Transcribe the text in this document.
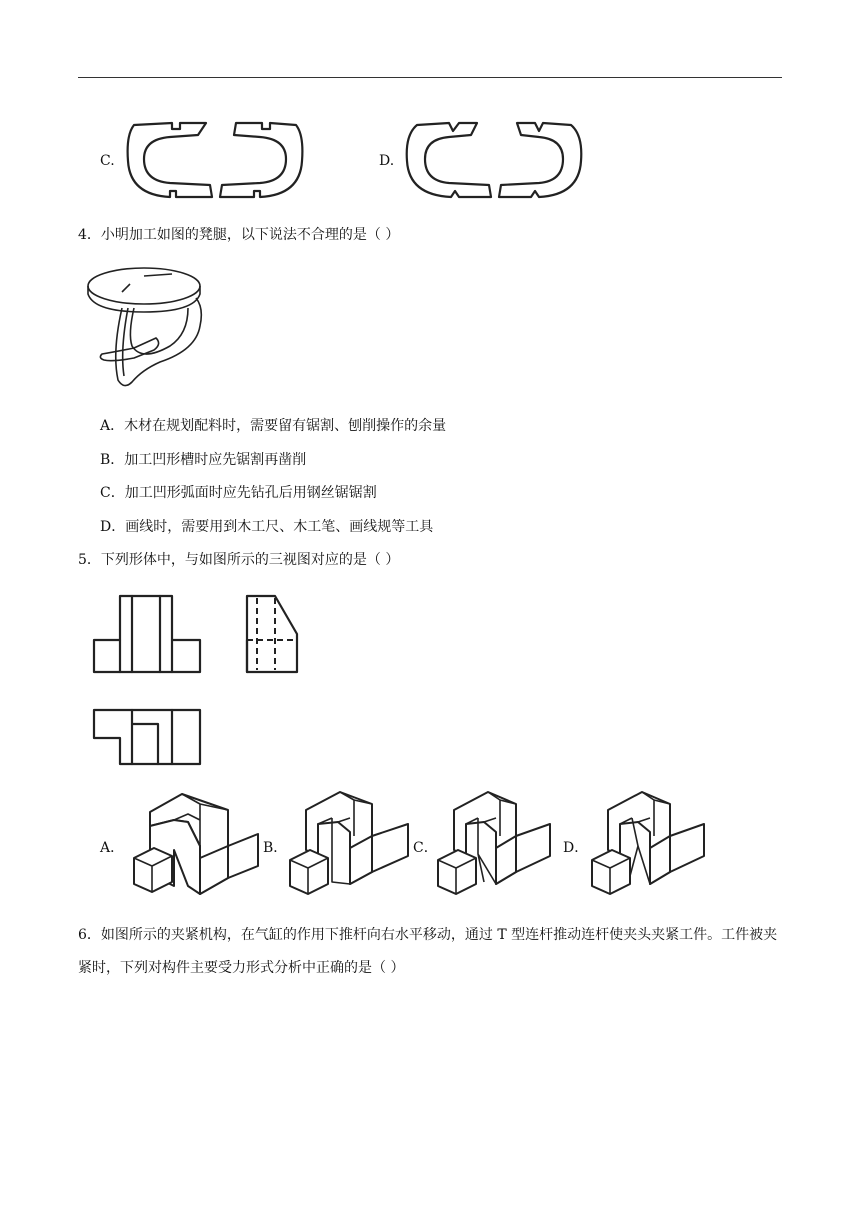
C.	D.
4．小明加工如图的凳腿，以下说法不合理的是（ ）
A．木材在规划配料时，需要留有锯割、刨削操作的余量
B．加工凹形槽时应先锯割再凿削
C．加工凹形弧面时应先钻孔后用钢丝锯锯割
D．画线时，需要用到木工尺、木工笔、画线规等工具
5．下列形体中，与如图所示的三视图对应的是（ ）
A．	B．	C．	D．
6．如图所示的夹紧机构，在气缸的作用下推杆向右水平移动，通过 T 型连杆推动连杆使夹头夹紧工件。工件被夹紧时，下列对构件主要受力形式分析中正确的是（ ）
